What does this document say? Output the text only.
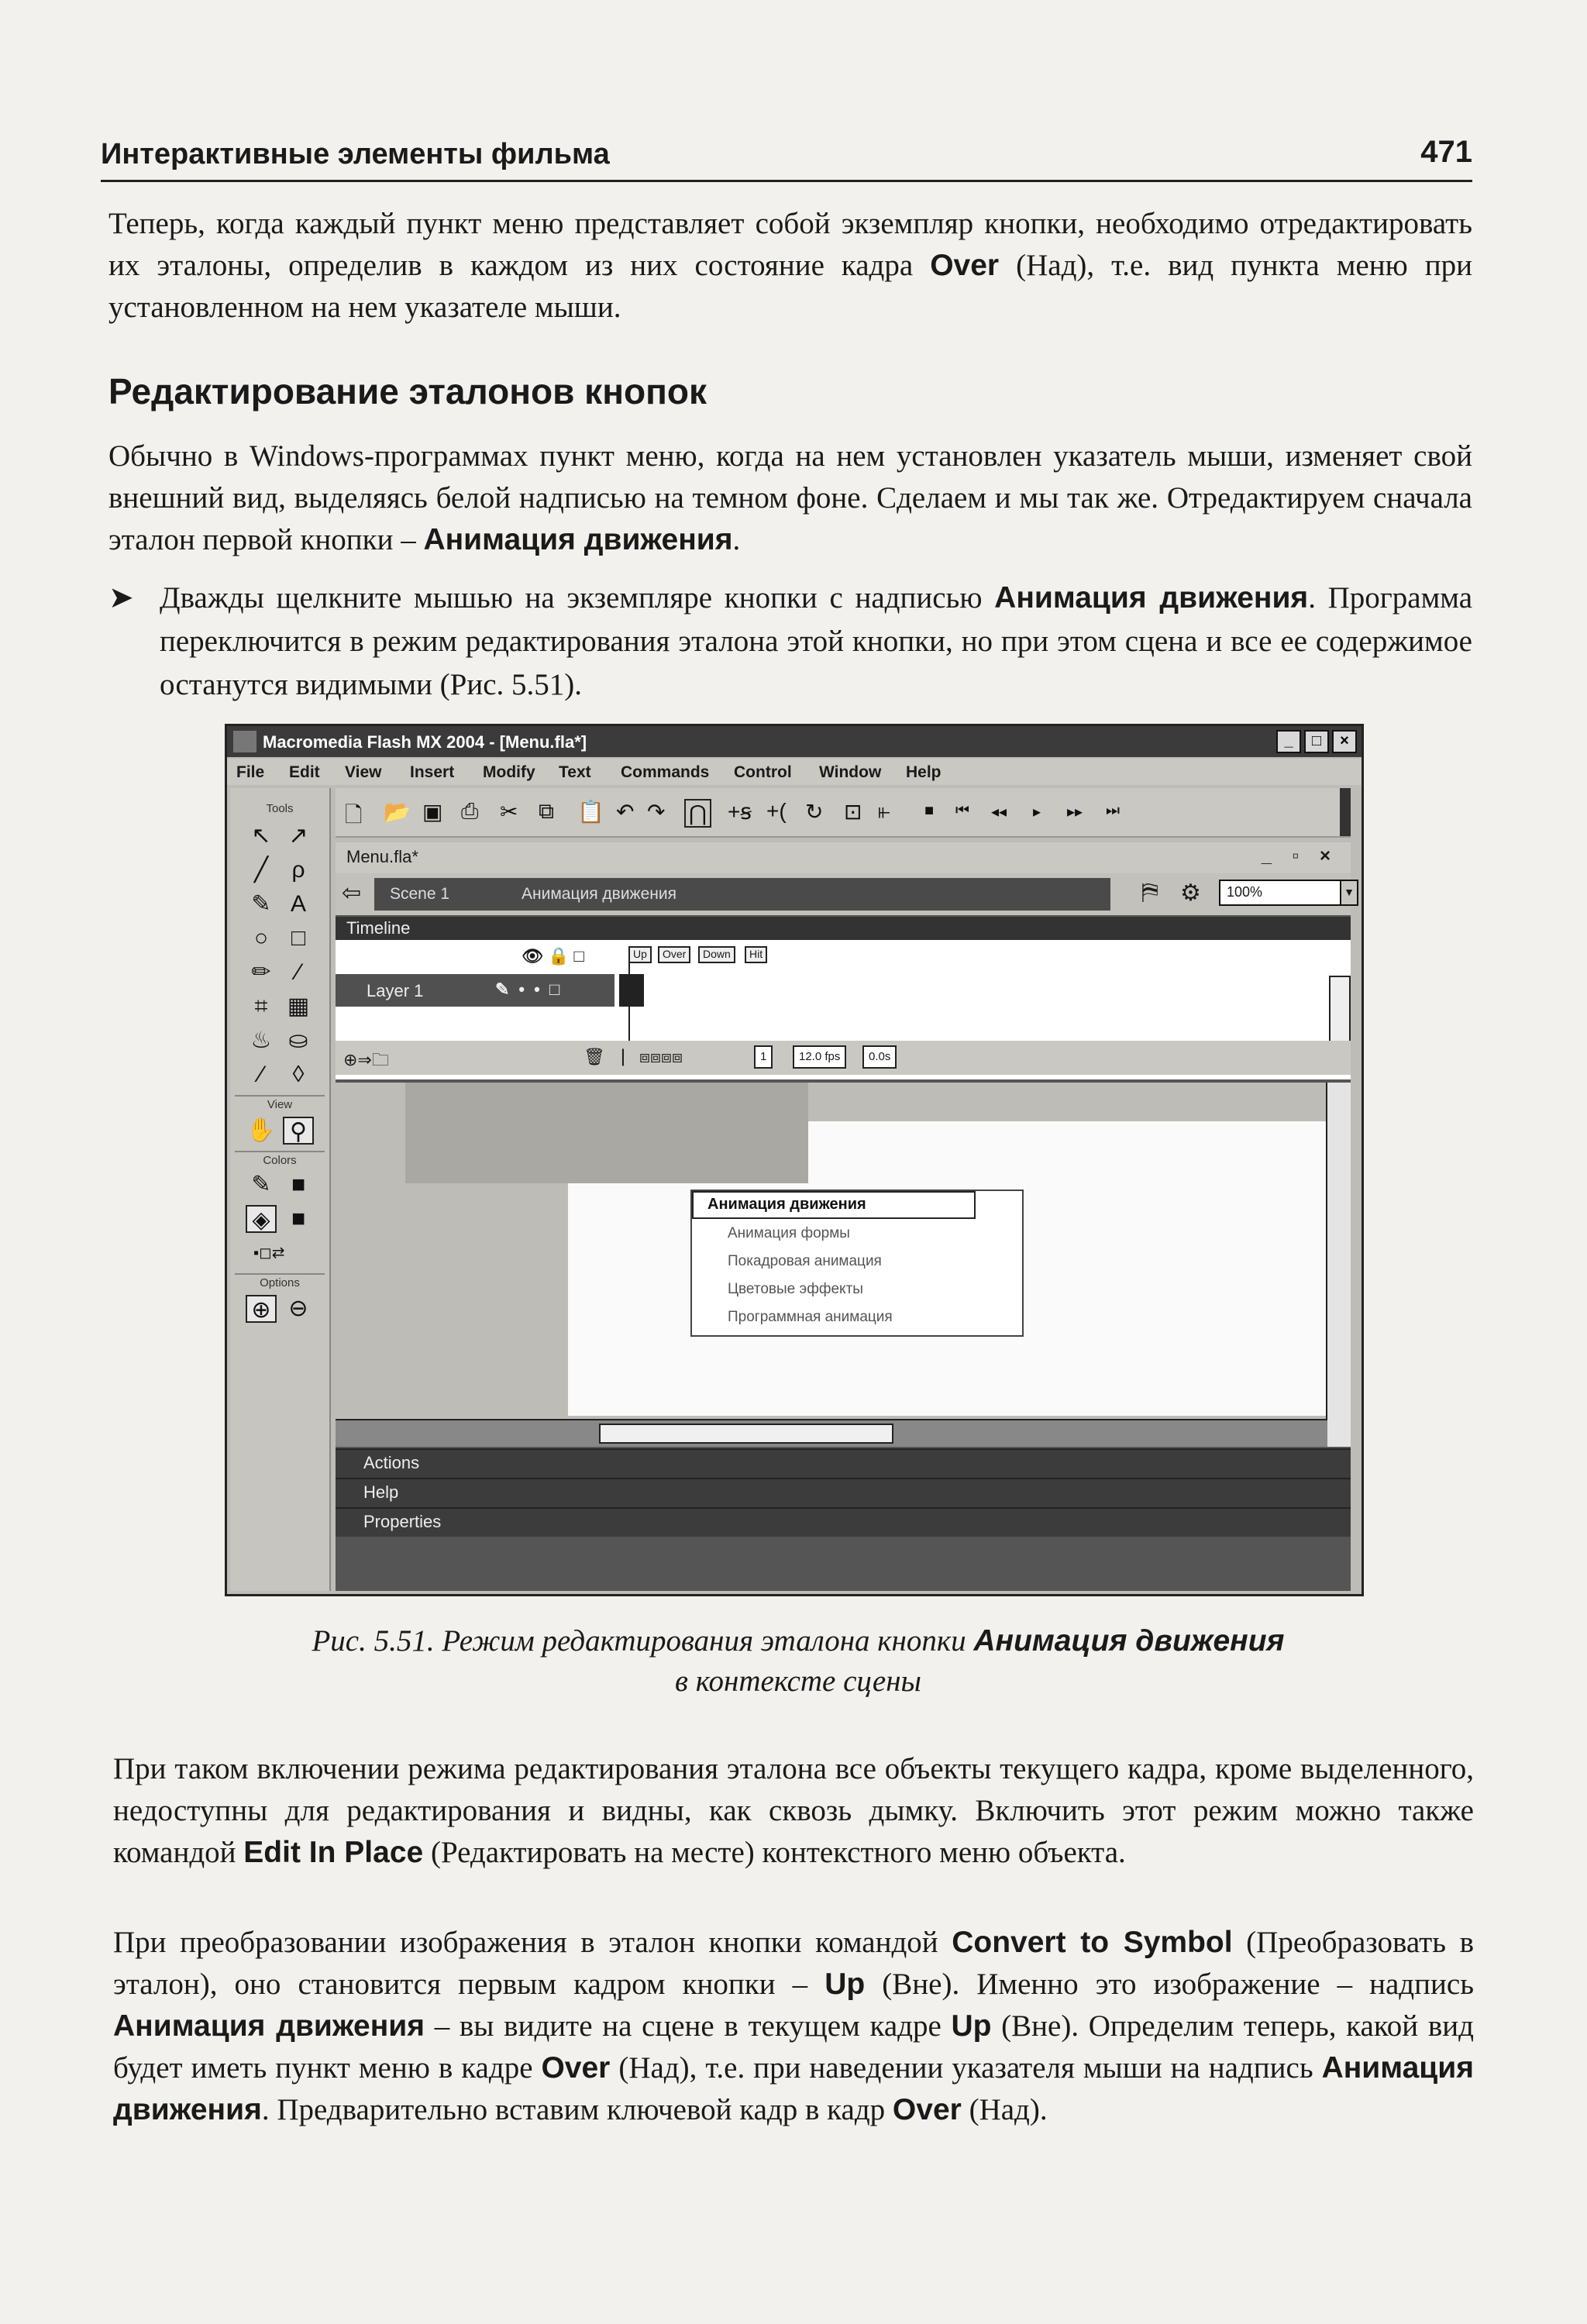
Интерактивные элементы фильма	471
Теперь, когда каждый пункт меню представляет собой экземпляр кнопки, необходимо отредактировать их эталоны, определив в каждом из них состояние кадра Over (Над), т.е. вид пункта меню при установленном на нем указателе мыши.
Редактирование эталонов кнопок
Обычно в Windows-программах пункт меню, когда на нем установлен указатель мыши, изменяет свой внешний вид, выделяясь белой надписью на темном фоне. Сделаем и мы так же. Отредактируем сначала эталон первой кнопки – Анимация движения.
➤ Дважды щелкните мышью на экземпляре кнопки с надписью Анимация движения. Программа переключится в режим редактирования эталона этой кнопки, но при этом сцена и все ее содержимое останутся видимыми (Рис. 5.51).
Macromedia Flash MX 2004 - [Menu.fla*]	_	□	×
File Edit View Insert Modify Text Commands Control Window Help
Tools
↖ ↗
╱	ρ
✎ A
○ □
✏	⁄
⌗ ▦
♨ ⛀
⁄	◊
View
✋ ⚲
Colors
✎ ■
◈ ■
▪◻⇄
Options
⊕ ⊖
🗋 📂 ▣ ⎙ ✂ ⧉ 📋 ↶ ↷ ⋂ +ꞩ +( ↻ ⊡ ⫦ ■ ⏮ ◂◂ ▸ ▸▸ ⏭
Menu.fla*	_ ▫ ×
⇦ Scene 1	Анимация движения	⛿ ⚙	100%	▼
Timeline
👁 🔒 □	Up	Over	Down	Hit
Layer 1	✎••□
⊕⇒🗀	🗑 ⎸⧈⧈⧈⧈	1	12.0 fps	0.0s
Анимация движения
Анимация формы
Покадровая анимация
Цветовые эффекты
Программная анимация
Actions
Help
Properties
Рис. 5.51. Режим редактирования эталона кнопки Анимация движения
в контексте сцены
При таком включении режима редактирования эталона все объекты текущего кадра, кроме выделенного, недоступны для редактирования и видны, как сквозь дымку. Включить этот режим можно также командой Edit In Place (Редактировать на месте) контекстного меню объекта.
При преобразовании изображения в эталон кнопки командой Convert to Symbol (Преобразовать в эталон), оно становится первым кадром кнопки – Up (Вне). Именно это изображение – надпись Анимация движения – вы видите на сцене в текущем кадре Up (Вне). Определим теперь, какой вид будет иметь пункт меню в кадре Over (Над), т.е. при наведении указателя мыши на надпись Анимация движения. Предварительно вставим ключевой кадр в кадр Over (Над).
